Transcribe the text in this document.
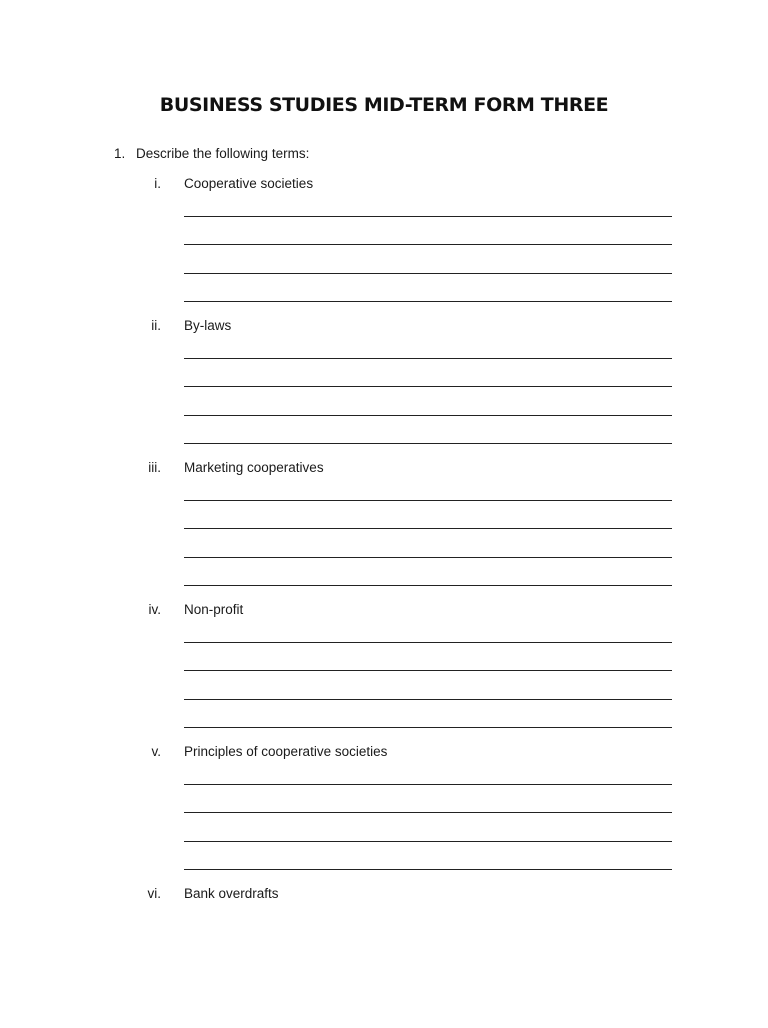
BUSINESS STUDIES MID-TERM FORM THREE
1. Describe the following terms:
i. Cooperative societies
ii. By-laws
iii. Marketing cooperatives
iv. Non-profit
v. Principles of cooperative societies
vi. Bank overdrafts
